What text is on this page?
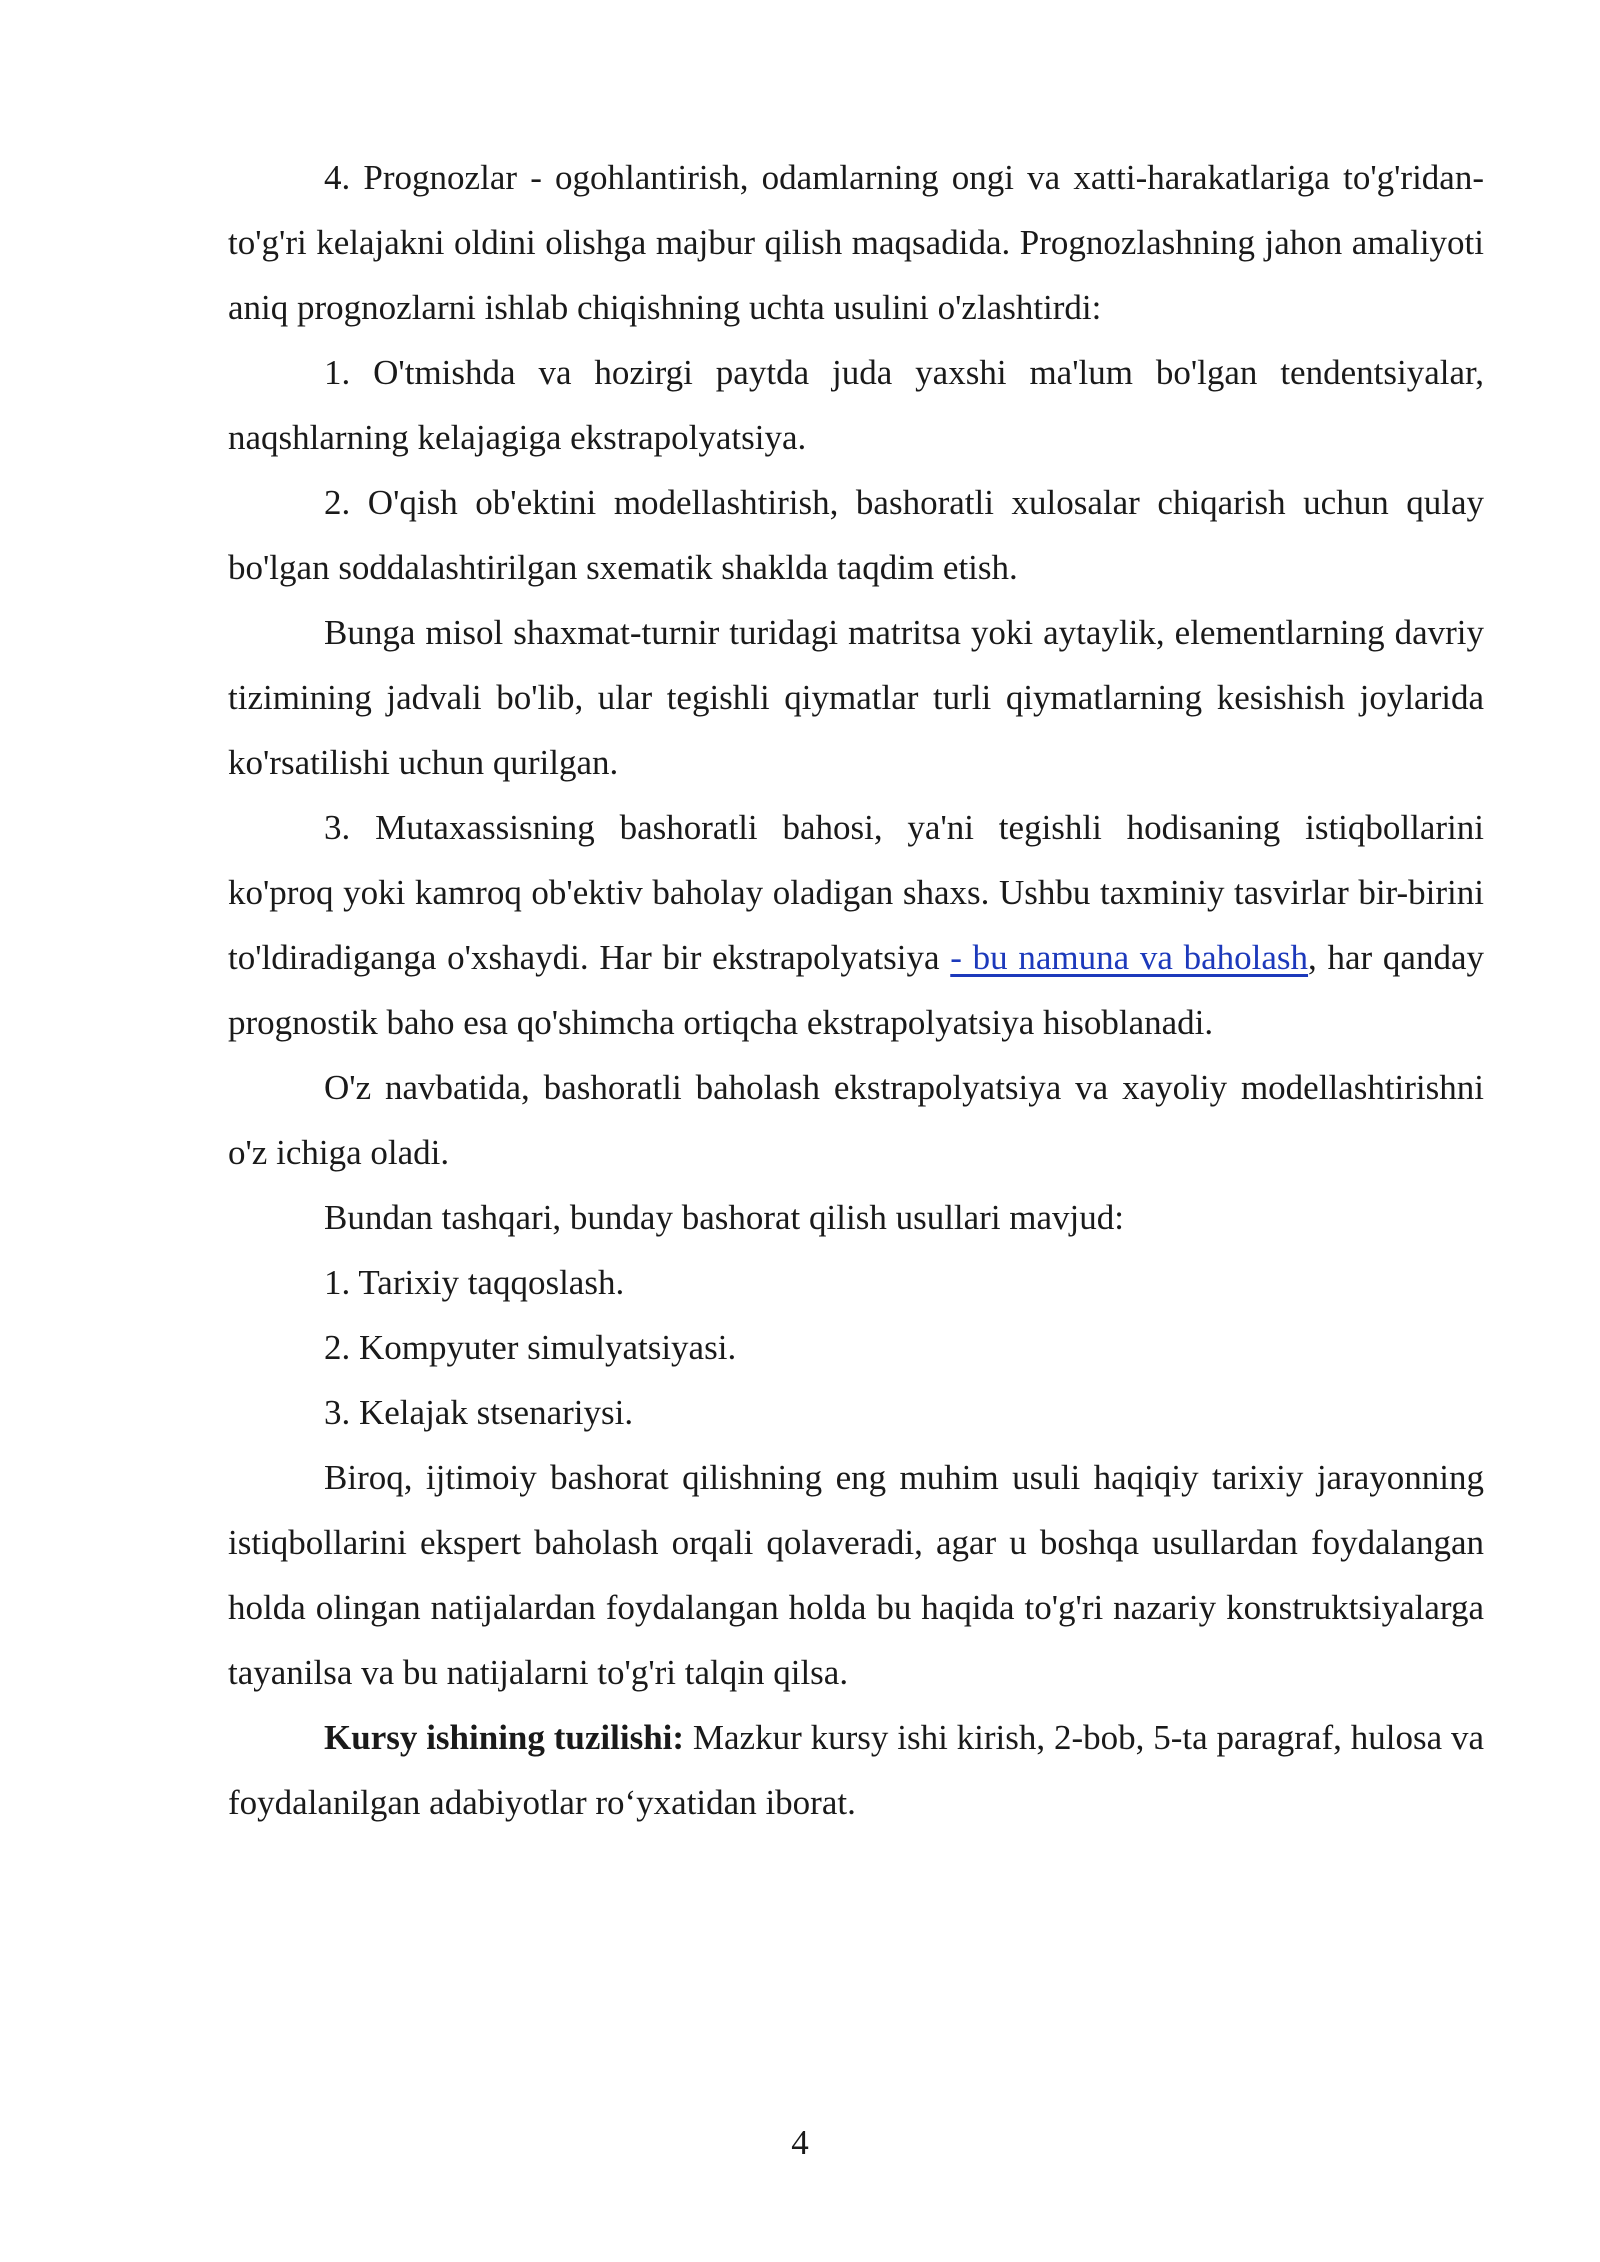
4. Prognozlar - ogohlantirish, odamlarning ongi va xatti-harakatlariga to'g'ridan-to'g'ri kelajakni oldini olishga majbur qilish maqsadida. Prognozlashning jahon amaliyoti aniq prognozlarni ishlab chiqishning uchta usulini o'zlashtirdi:

1. O'tmishda va hozirgi paytda juda yaxshi ma'lum bo'lgan tendentsiyalar, naqshlarning kelajagiga ekstrapolyatsiya.

2. O'qish ob'ektini modellashtirish, bashoratli xulosalar chiqarish uchun qulay bo'lgan soddalashtirilgan sxematik shaklda taqdim etish.

Bunga misol shaxmat-turnir turidagi matritsa yoki aytaylik, elementlarning davriy tizimining jadvali bo'lib, ular tegishli qiymatlar turli qiymatlarning kesishish joylarida ko'rsatilishi uchun qurilgan.

3. Mutaxassisning bashoratli bahosi, ya'ni tegishli hodisaning istiqbollarini ko'proq yoki kamroq ob'ektiv baholay oladigan shaxs. Ushbu taxminiy tasvirlar bir-birini to'ldiradiganga o'xshaydi. Har bir ekstrapolyatsiya - bu namuna va baholash, har qanday prognostik baho esa qo'shimcha ortiqcha ekstrapolyatsiya hisoblanadi.

O'z navbatida, bashoratli baholash ekstrapolyatsiya va xayoliy modellashtirishni o'z ichiga oladi.

Bundan tashqari, bunday bashorat qilish usullari mavjud:

1. Tarixiy taqqoslash.

2. Kompyuter simulyatsiyasi.

3. Kelajak stsenariysi.

Biroq, ijtimoiy bashorat qilishning eng muhim usuli haqiqiy tarixiy jarayonning istiqbollarini ekspert baholash orqali qolaveradi, agar u boshqa usullardan foydalangan holda olingan natijalardan foydalangan holda bu haqida to'g'ri nazariy konstruktsiyalarga tayanilsa va bu natijalarni to'g'ri talqin qilsa.

Kursy ishining tuzilishi: Mazkur kursy ishi kirish, 2-bob, 5-ta paragraf, hulosa va foydalanilgan adabiyotlar ro‘yxatidan iborat.

4
